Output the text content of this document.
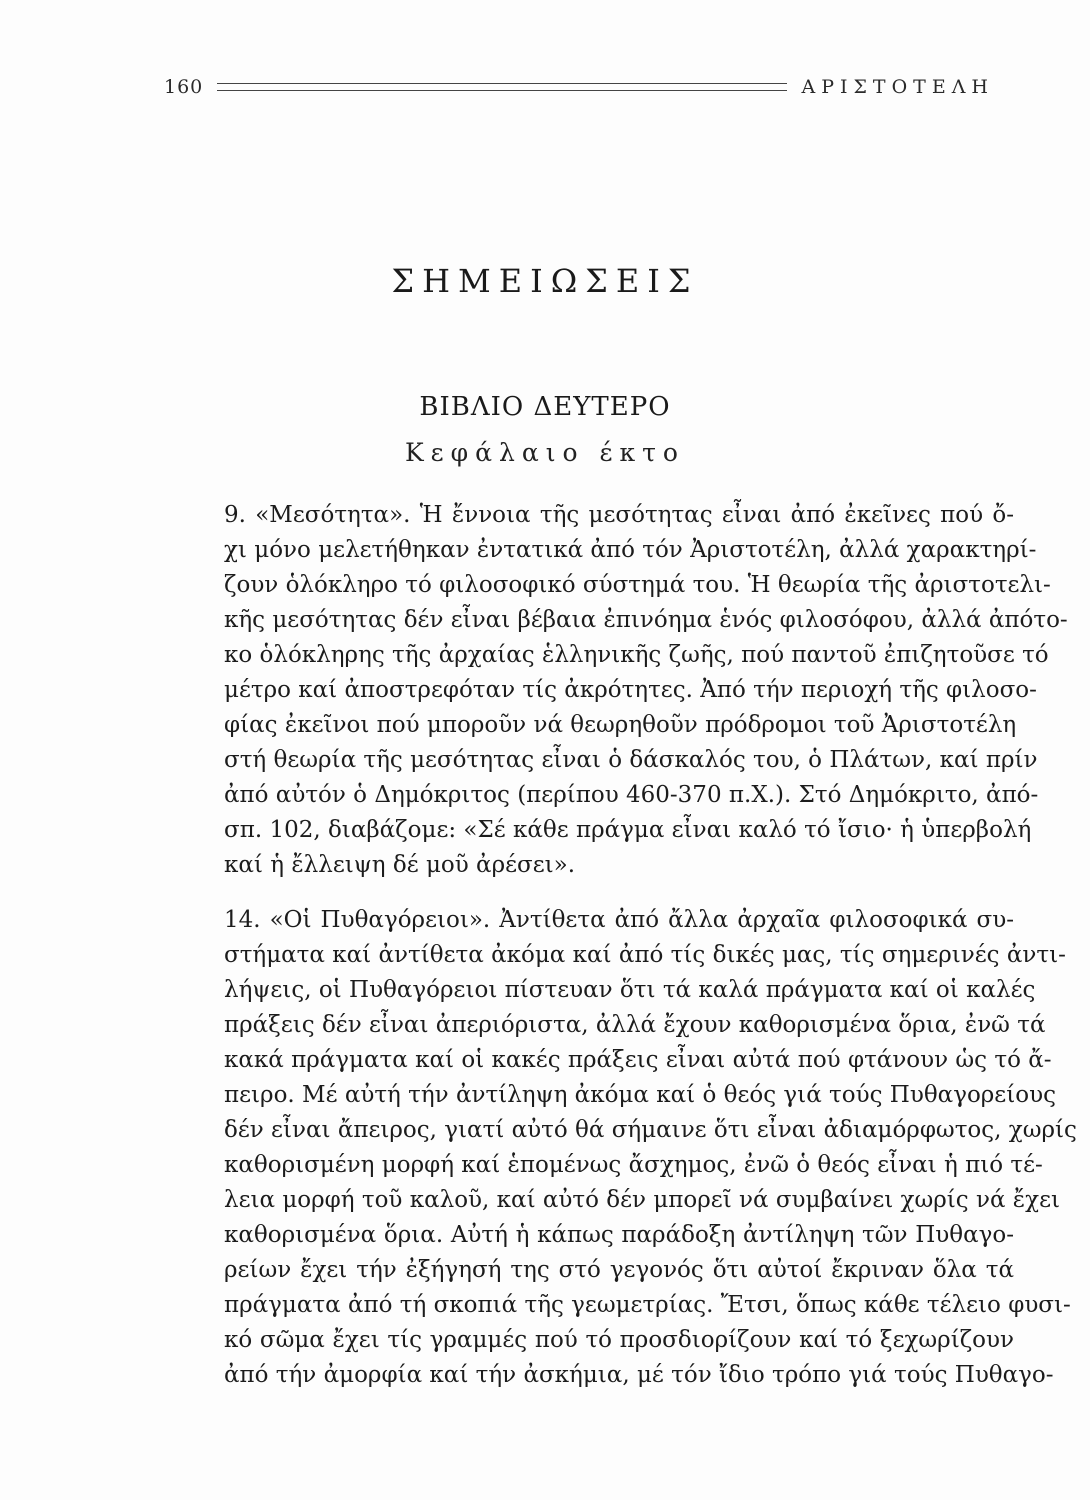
160	ΑΡΙΣΤΟΤΕΛΗ
ΣΗΜΕΙΩΣΕΙΣ
ΒΙΒΛΙΟ ΔΕΥΤΕΡΟ
Κεφάλαιο έκτο
9. «Μεσότητα». Ἡ ἔννοια τῆς μεσότητας εἶναι ἀπό ἐκεῖνες πού ὄ-
χι μόνο μελετήθηκαν ἐντατικά ἀπό τόν Ἀριστοτέλη, ἀλλά χαρακτηρί-
ζουν ὁλόκληρο τό φιλοσοφικό σύστημά του. Ἡ θεωρία τῆς ἀριστοτελι-
κῆς μεσότητας δέν εἶναι βέβαια ἐπινόημα ἑνός φιλοσόφου, ἀλλά ἀπότο-
κο ὁλόκληρης τῆς ἀρχαίας ἑλληνικῆς ζωῆς, πού παντοῦ ἐπιζητοῦσε τό
μέτρο καί ἀποστρεφόταν τίς ἀκρότητες. Ἀπό τήν περιοχή τῆς φιλοσο-
φίας ἐκεῖνοι πού μποροῦν νά θεωρηθοῦν πρόδρομοι τοῦ Ἀριστοτέλη
στή θεωρία τῆς μεσότητας εἶναι ὁ δάσκαλός του, ὁ Πλάτων, καί πρίν
ἀπό αὐτόν ὁ Δημόκριτος (περίπου 460-370 π.Χ.). Στό Δημόκριτο, ἀπό-
σπ. 102, διαβάζομε: «Σέ κάθε πράγμα εἶναι καλό τό ἴσιο· ἡ ὑπερβολή
καί ἡ ἔλλειψη δέ μοῦ ἀρέσει».
14. «Οἱ Πυθαγόρειοι». Ἀντίθετα ἀπό ἄλλα ἀρχαῖα φιλοσοφικά συ-
στήματα καί ἀντίθετα ἀκόμα καί ἀπό τίς δικές μας, τίς σημερινές ἀντι-
λήψεις, οἱ Πυθαγόρειοι πίστευαν ὅτι τά καλά πράγματα καί οἱ καλές
πράξεις δέν εἶναι ἀπεριόριστα, ἀλλά ἔχουν καθορισμένα ὅρια, ἐνῶ τά
κακά πράγματα καί οἱ κακές πράξεις εἶναι αὐτά πού φτάνουν ὡς τό ἄ-
πειρο. Μέ αὐτή τήν ἀντίληψη ἀκόμα καί ὁ θεός γιά τούς Πυθαγορείους
δέν εἶναι ἄπειρος, γιατί αὐτό θά σήμαινε ὅτι εἶναι ἀδιαμόρφωτος, χωρίς
καθορισμένη μορφή καί ἑπομένως ἄσχημος, ἐνῶ ὁ θεός εἶναι ἡ πιό τέ-
λεια μορφή τοῦ καλοῦ, καί αὐτό δέν μπορεῖ νά συμβαίνει χωρίς νά ἔχει
καθορισμένα ὅρια. Αὐτή ἡ κάπως παράδοξη ἀντίληψη τῶν Πυθαγο-
ρείων ἔχει τήν ἐξήγησή της στό γεγονός ὅτι αὐτοί ἔκριναν ὅλα τά
πράγματα ἀπό τή σκοπιά τῆς γεωμετρίας. Ἔτσι, ὅπως κάθε τέλειο φυσι-
κό σῶμα ἔχει τίς γραμμές πού τό προσδιορίζουν καί τό ξεχωρίζουν
ἀπό τήν ἀμορφία καί τήν ἀσκήμια, μέ τόν ἴδιο τρόπο γιά τούς Πυθαγο-
